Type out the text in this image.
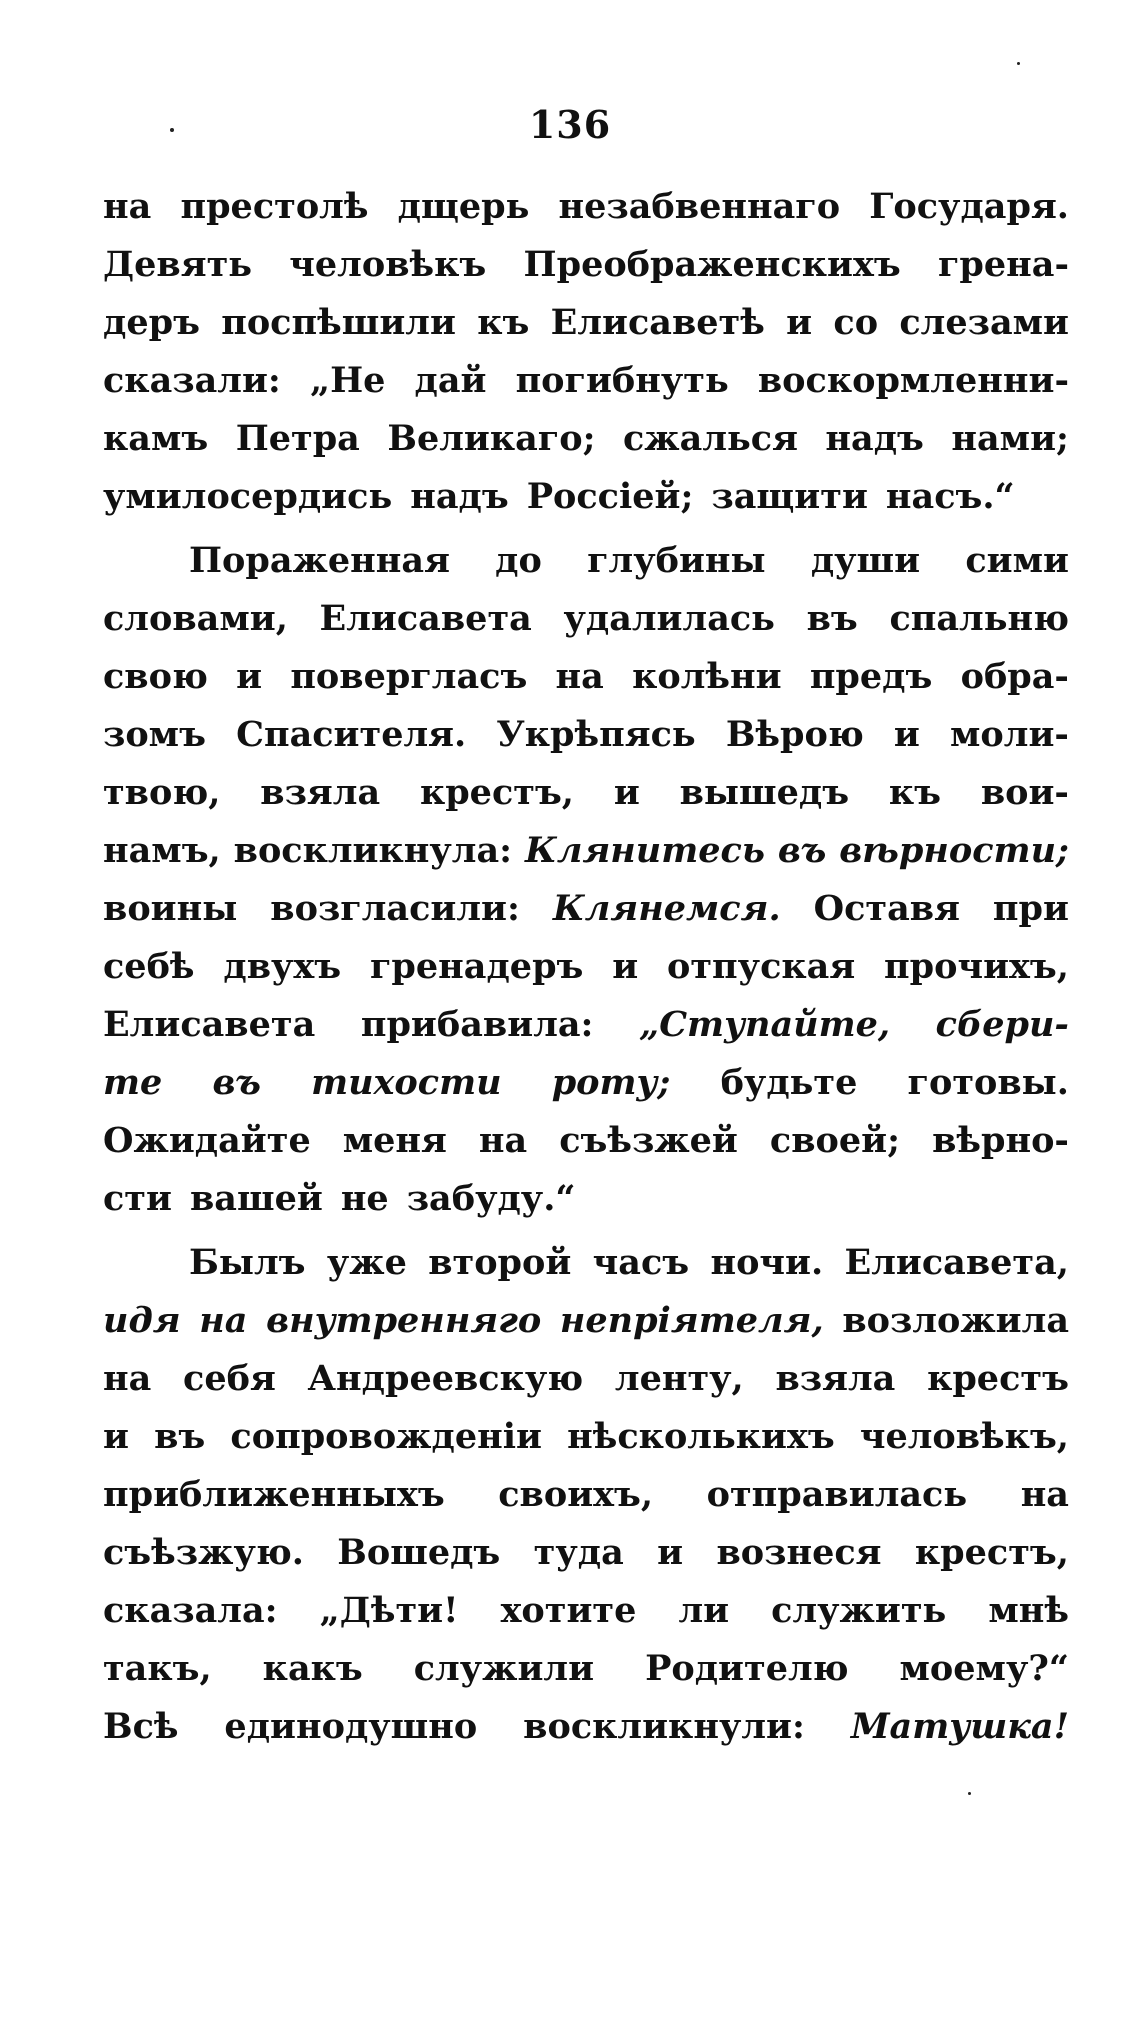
136
на престолѣ дщерь незабвеннаго Государя.
Девять человѣкъ Преображенскихъ грена-
деръ поспѣшили къ Елисаветѣ и со слезами
сказали: „Не дай погибнуть воскормленни-
камъ Петра Великаго; сжалься надъ нами;
умилосердись надъ Россіей; защити насъ.“
Пораженная до глубины души сими
словами, Елисавета удалилась въ спальню
свою и повергласъ на колѣни предъ обра-
зомъ Спасителя. Укрѣпясь Вѣрою и моли-
твою, взяла крестъ, и вышедъ къ вои-
намъ, воскликнула: Клянитесь въ вѣрности;
воины возгласили: Клянемся. Оставя при
себѣ двухъ гренадеръ и отпуская прочихъ,
Елисавета прибавила: „Ступайте, сбери-
те въ тихости роту; будьте готовы.
Ожидайте меня на съѣзжей своей; вѣрно-
сти вашей не забуду.“
Былъ уже второй часъ ночи. Елисавета,
идя на внутренняго непріятеля, возложила
на себя Андреевскую ленту, взяла крестъ
и въ сопровожденіи нѣсколькихъ человѣкъ,
приближенныхъ своихъ, отправилась на
съѣзжую. Вошедъ туда и вознеся крестъ,
сказала: „Дѣти! хотите ли служить мнѣ
такъ, какъ служили Родителю моему?“
Всѣ единодушно воскликнули: Матушка!
